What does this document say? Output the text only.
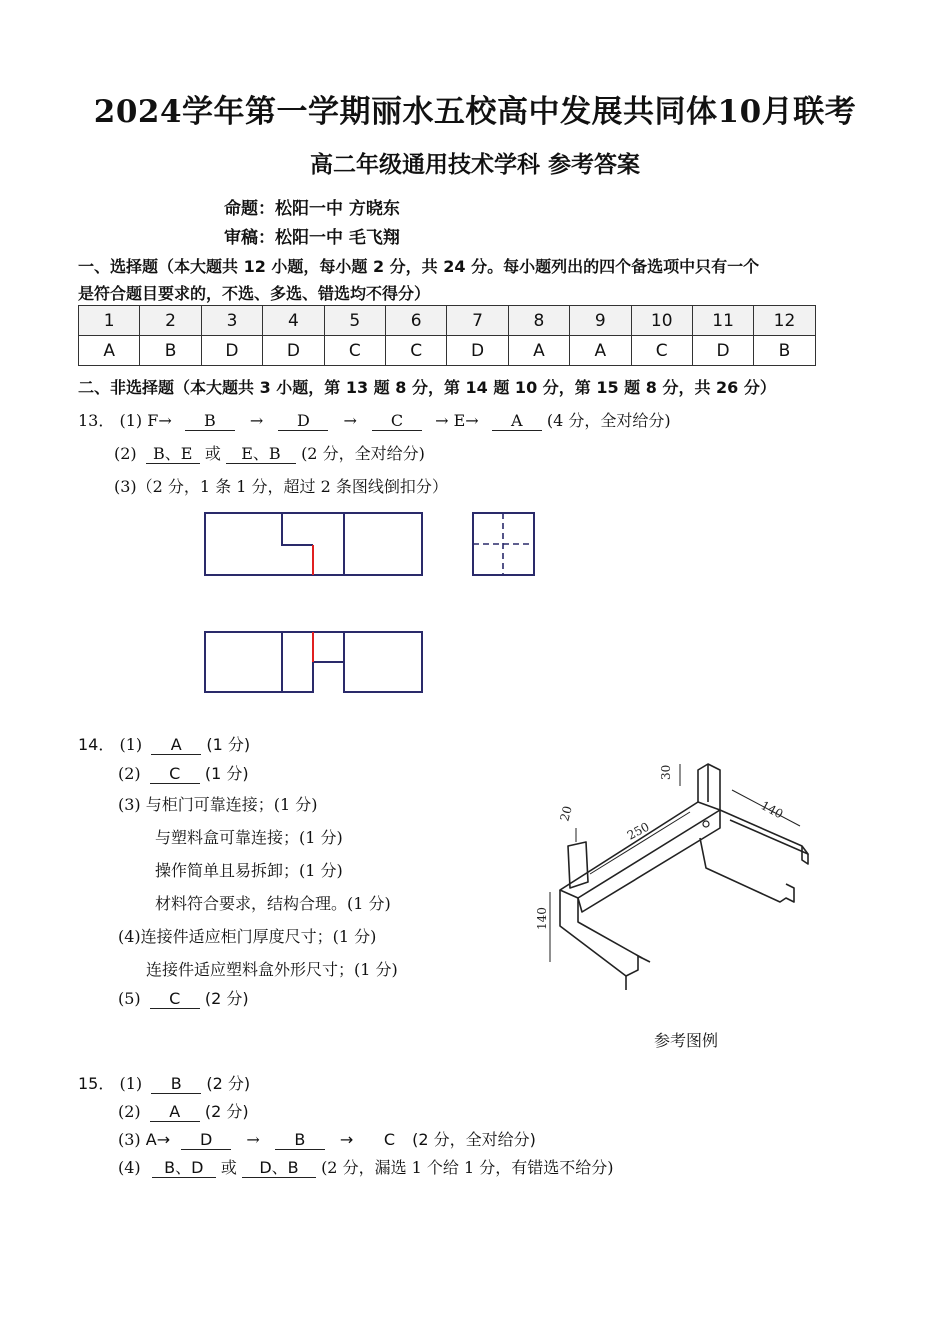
2024学年第一学期丽水五校高中发展共同体10月联考
高二年级通用技术学科 参考答案
命题：松阳一中 方晓东
审稿：松阳一中 毛飞翔
一、选择题（本大题共 12 小题，每小题 2 分，共 24 分。每小题列出的四个备选项中只有一个
是符合题目要求的，不选、多选、错选均不得分）
1	2	3	4	5	6	7	8	9	10	11	12
A	B	D	D	C	C	D	A	A	C	D	B
二、非选择题（本大题共 3 小题，第 13 题 8 分，第 14 题 10 分，第 15 题 8 分，共 26 分）
13． (1) F→ B → D → C → E→ A (4 分，全对给分)
(2) B、E 或 E、B (2 分，全对给分)
(3)（2 分，1 条 1 分，超过 2 条图线倒扣分）
14． (1) A (1 分)
(2) C (1 分)
(3) 与柜门可靠连接；(1 分)
与塑料盒可靠连接；(1 分)
操作简单且易拆卸；(1 分)
材料符合要求，结构合理。(1 分)
(4)连接件适应柜门厚度尺寸；(1 分)
连接件适应塑料盒外形尺寸；(1 分)
(5) C (2 分)
30
20
250
140
140
参考图例
15． (1) B (2 分)
(2) A (2 分)
(3) A→ D → B →      C (2 分，全对给分)
(4) B、D 或 D、B (2 分，漏选 1 个给 1 分，有错选不给分)
